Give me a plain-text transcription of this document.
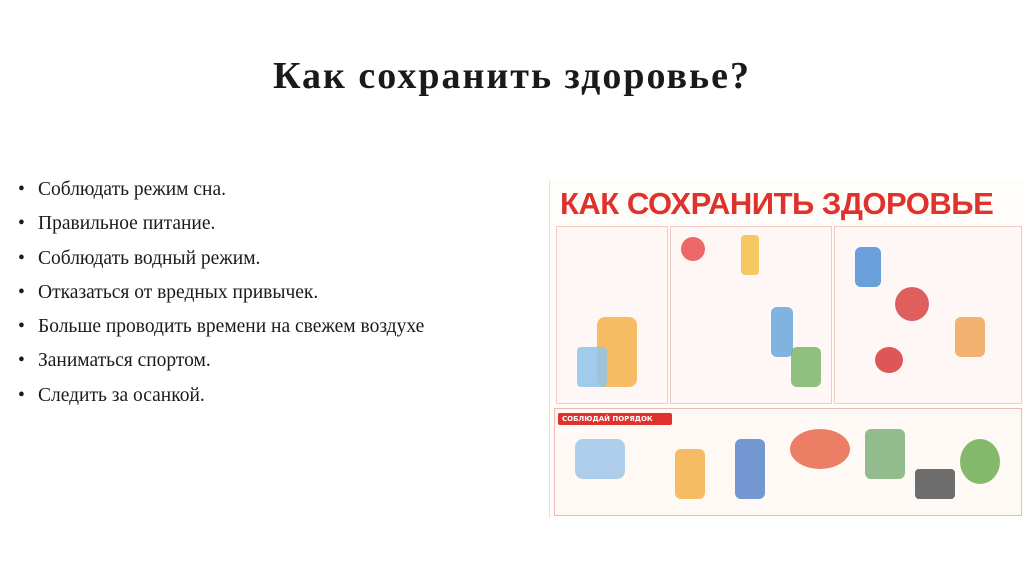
Как сохранить здоровье?
• Соблюдать режим сна.
• Правильное питание.
• Соблюдать водный режим.
• Отказаться от вредных привычек.
• Больше проводить времени на свежем воздухе
• Заниматься спортом.
• Следить за осанкой.
КАК СОХРАНИТЬ ЗДОРОВЬЕ
СОБЛЮДАЙ ПОРЯДОК ДНЯ!
